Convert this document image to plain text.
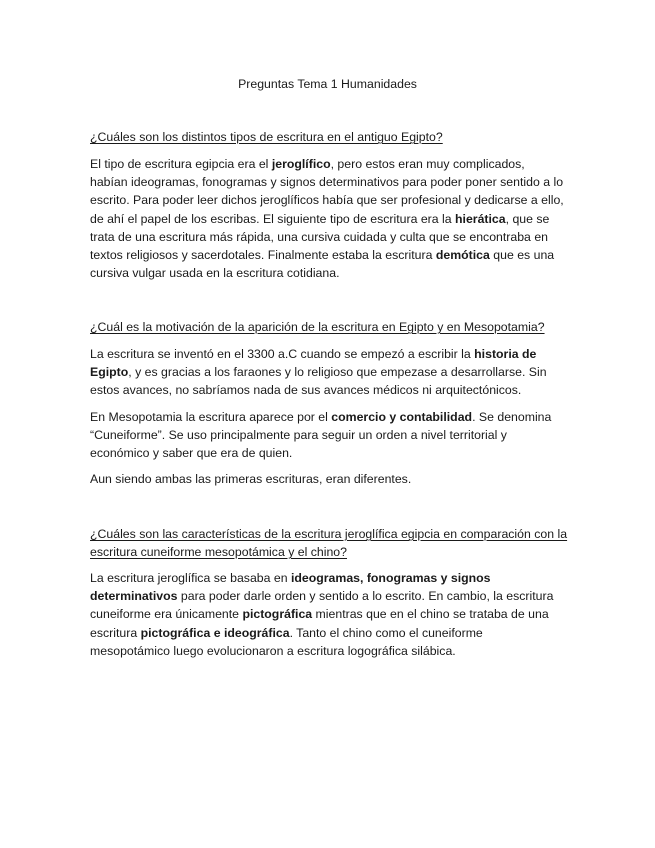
Preguntas Tema 1 Humanidades
¿Cuáles son los distintos tipos de escritura en el antiguo Egipto?

El tipo de escritura egipcia era el jeroglífico, pero estos eran muy complicados, habían ideogramas, fonogramas y signos determinativos para poder poner sentido a lo escrito. Para poder leer dichos jeroglíficos había que ser profesional y dedicarse a ello, de ahí el papel de los escribas. El siguiente tipo de escritura era la hierática, que se trata de una escritura más rápida, una cursiva cuidada y culta que se encontraba en textos religiosos y sacerdotales. Finalmente estaba la escritura demótica que es una cursiva vulgar usada en la escritura cotidiana.

¿Cuál es la motivación de la aparición de la escritura en Egipto y en Mesopotamia?

La escritura se inventó en el 3300 a.C cuando se empezó a escribir la historia de Egipto, y es gracias a los faraones y lo religioso que empezase a desarrollarse. Sin estos avances, no sabríamos nada de sus avances médicos ni arquitectónicos.

En Mesopotamia la escritura aparece por el comercio y contabilidad. Se denomina “Cuneiforme”. Se uso principalmente para seguir un orden a nivel territorial y económico y saber que era de quien.

Aun siendo ambas las primeras escrituras, eran diferentes.

¿Cuáles son las características de la escritura jeroglífica egipcia en comparación con la escritura cuneiforme mesopotámica y el chino?

La escritura jeroglífica se basaba en ideogramas, fonogramas y signos determinativos para poder darle orden y sentido a lo escrito. En cambio, la escritura cuneiforme era únicamente pictográfica mientras que en el chino se trataba de una escritura pictográfica e ideográfica. Tanto el chino como el cuneiforme mesopotámico luego evolucionaron a escritura logográfica silábica.
